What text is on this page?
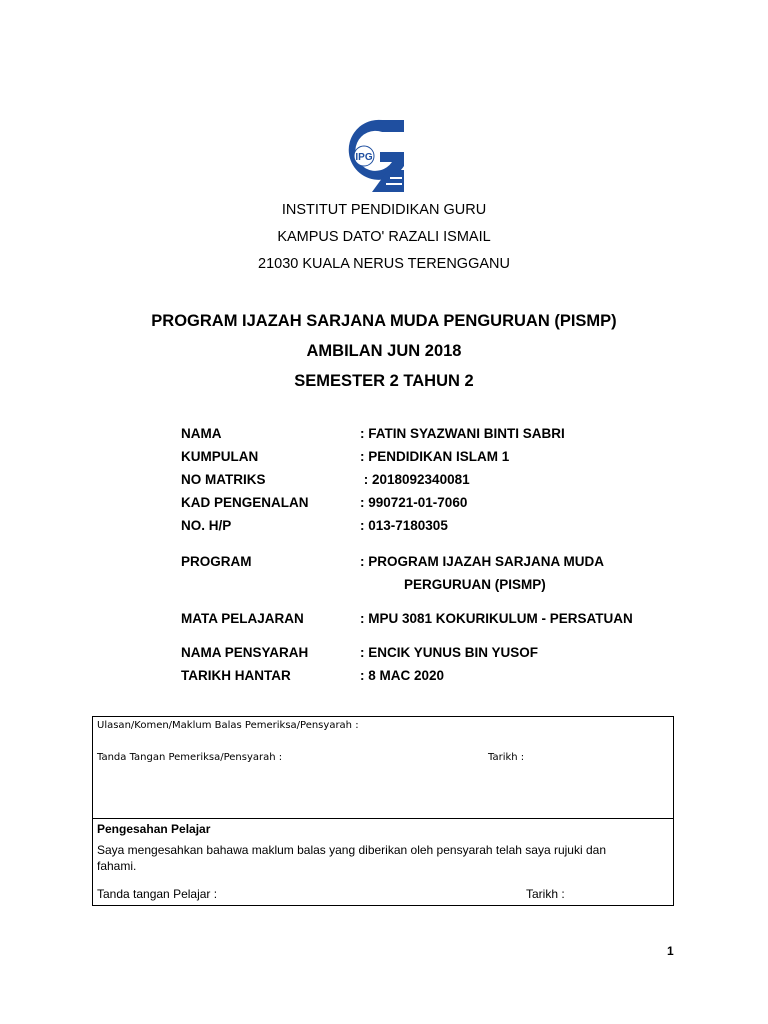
IPG
INSTITUT PENDIDIKAN GURU
KAMPUS DATO' RAZALI ISMAIL
21030 KUALA NERUS TERENGGANU
PROGRAM IJAZAH SARJANA MUDA PENGURUAN (PISMP)
AMBILAN JUN 2018
SEMESTER 2 TAHUN 2
NAMA	: FATIN SYAZWANI BINTI SABRI
KUMPULAN	: PENDIDIKAN ISLAM 1
NO MATRIKS	: 2018092340081
KAD PENGENALAN	: 990721-01-7060
NO. H/P	: 013-7180305
PROGRAM	: PROGRAM IJAZAH SARJANA MUDA
PERGURUAN (PISMP)
MATA PELAJARAN	: MPU 3081 KOKURIKULUM - PERSATUAN
NAMA PENSYARAH	: ENCIK YUNUS BIN YUSOF
TARIKH HANTAR	: 8 MAC 2020
Ulasan/Komen/Maklum Balas Pemeriksa/Pensyarah :
Tanda Tangan Pemeriksa/Pensyarah :	Tarikh :
Pengesahan Pelajar
Saya mengesahkan bahawa maklum balas yang diberikan oleh pensyarah telah saya rujuki dan
fahami.
Tanda tangan Pelajar :	Tarikh :
1
